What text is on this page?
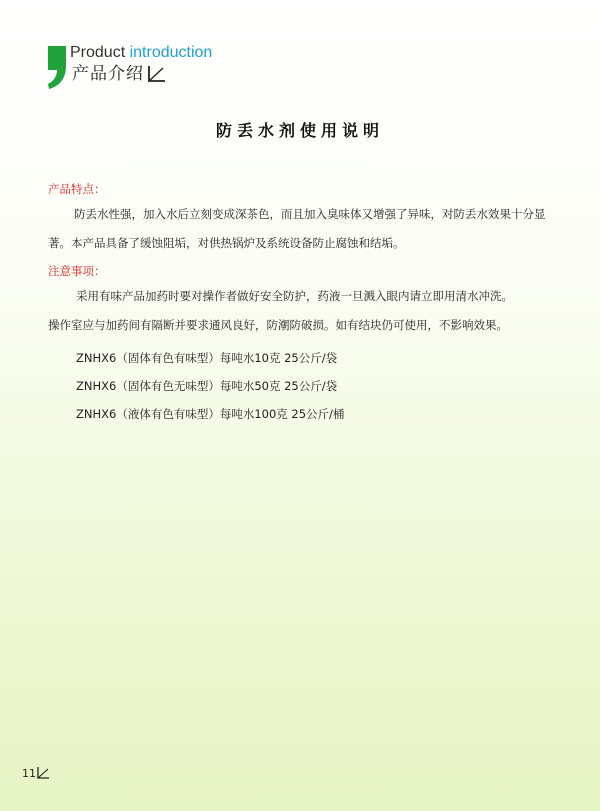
Product introduction
产品介绍
防丢水剂使用说明

产品特点：

防丢水性强，加入水后立刻变成深茶色，而且加入臭味体又增强了异味，对防丢水效果十分显著。本产品具备了缓蚀阻垢，对供热锅炉及系统设备防止腐蚀和结垢。

注意事项：

采用有味产品加药时要对操作者做好安全防护，药液一旦溅入眼内请立即用清水冲洗。

操作室应与加药间有隔断并要求通风良好，防潮防破损。如有结块仍可使用，不影响效果。

ZNHX6（固体有色有味型）每吨水10克 25公斤/袋
ZNHX6（固体有色无味型）每吨水50克 25公斤/袋
ZNHX6（液体有色有味型）每吨水100克 25公斤/桶
11
